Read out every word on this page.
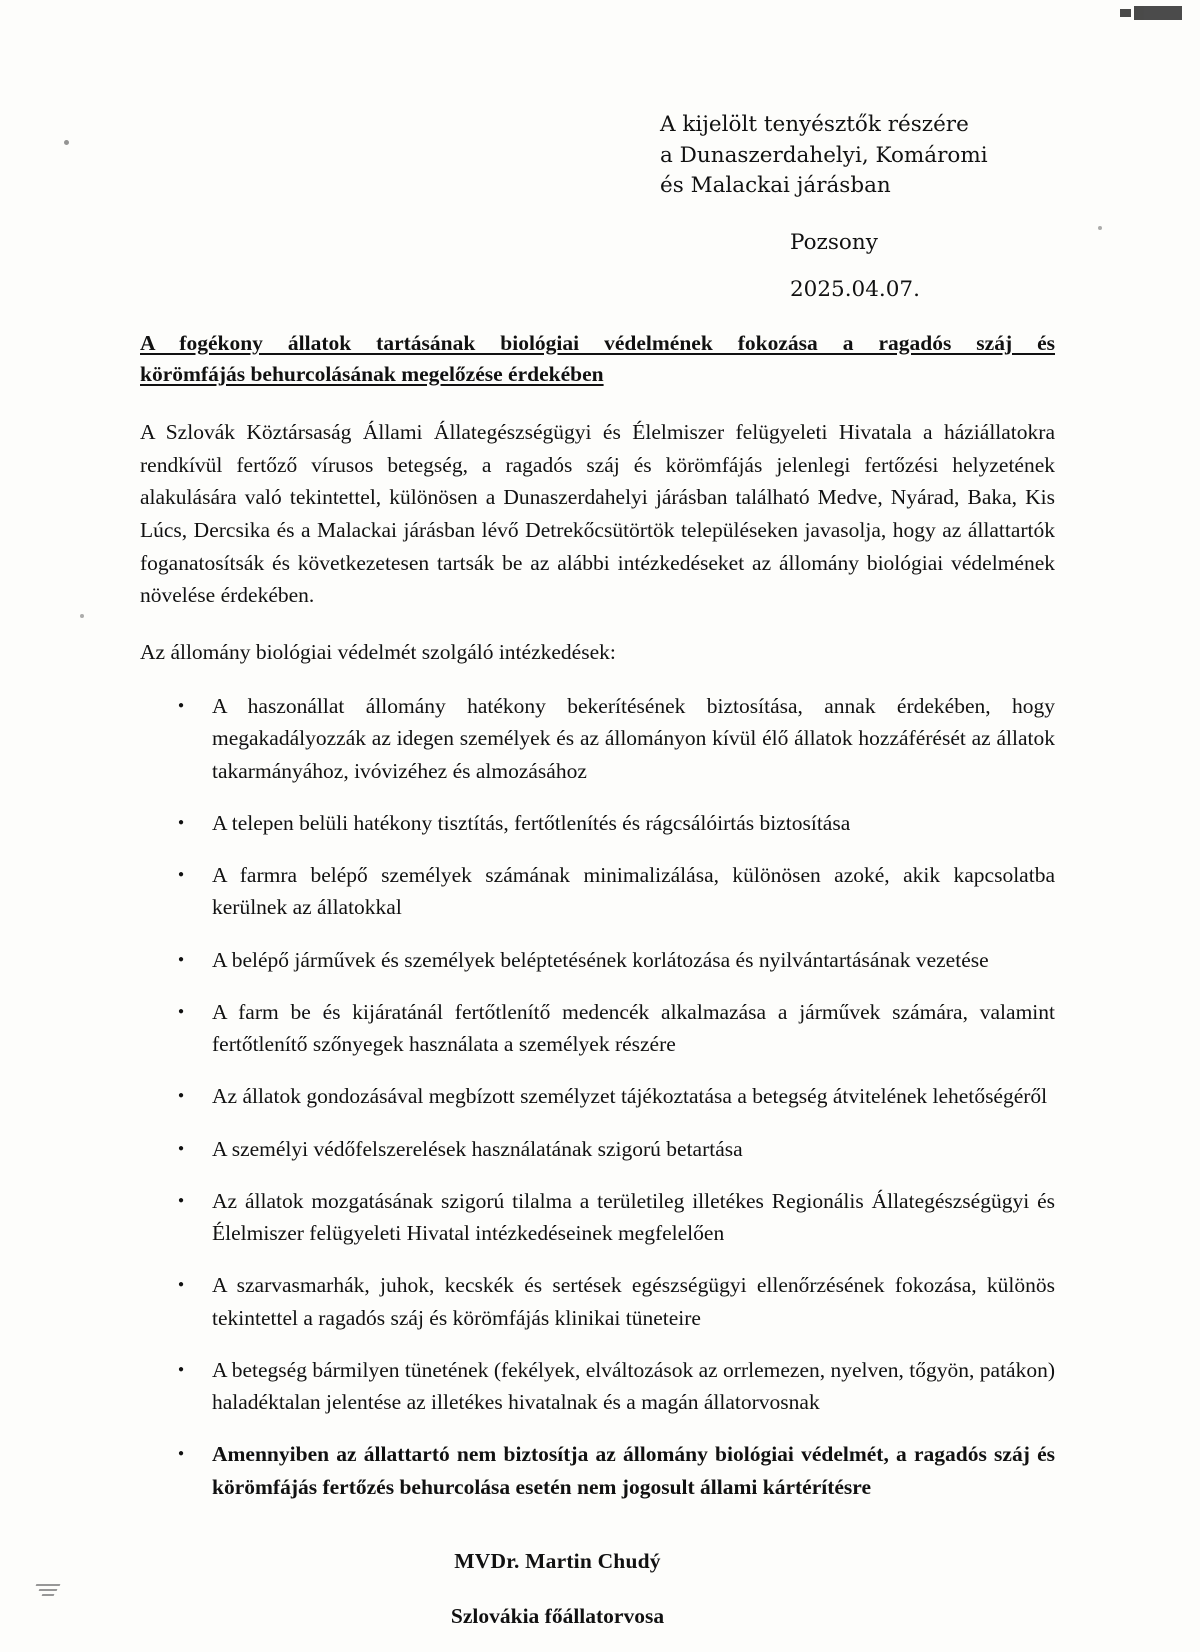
A kijelölt tenyésztők részére
a Dunaszerdahelyi, Komáromi
és Malackai járásban
Pozsony
2025.04.07.
A fogékony állatok tartásának biológiai védelmének fokozása a ragadós száj és
körömfájás behurcolásának megelőzése érdekében
A Szlovák Köztársaság Állami Állategészségügyi és Élelmiszer felügyeleti Hivatala a háziállatokra rendkívül fertőző vírusos betegség, a ragadós száj és körömfájás jelenlegi fertőzési helyzetének alakulására való tekintettel, különösen a Dunaszerdahelyi járásban található Medve, Nyárad, Baka, Kis Lúcs, Dercsika és a Malackai járásban lévő Detrekőcsütörtök településeken javasolja, hogy az állattartók foganatosítsák és következetesen tartsák be az alábbi intézkedéseket az állomány biológiai védelmének növelése érdekében.
Az állomány biológiai védelmét szolgáló intézkedések:
● A haszonállat állomány hatékony bekerítésének biztosítása, annak érdekében, hogy megakadályozzák az idegen személyek és az állományon kívül élő állatok hozzáférését az állatok takarmányához, ivóvizéhez és almozásához
● A telepen belüli hatékony tisztítás, fertőtlenítés és rágcsálóirtás biztosítása
● A farmra belépő személyek számának minimalizálása, különösen azoké, akik kapcsolatba kerülnek az állatokkal
● A belépő járművek és személyek beléptetésének korlátozása és nyilvántartásának vezetése
● A farm be és kijáratánál fertőtlenítő medencék alkalmazása a járművek számára, valamint fertőtlenítő szőnyegek használata a személyek részére
● Az állatok gondozásával megbízott személyzet tájékoztatása a betegség átvitelének lehetőségéről
● A személyi védőfelszerelések használatának szigorú betartása
● Az állatok mozgatásának szigorú tilalma a területileg illetékes Regionális Állategészségügyi és Élelmiszer felügyeleti Hivatal intézkedéseinek megfelelően
● A szarvasmarhák, juhok, kecskék és sertések egészségügyi ellenőrzésének fokozása, különös tekintettel a ragadós száj és körömfájás klinikai tüneteire
● A betegség bármilyen tünetének (fekélyek, elváltozások az orrlemezen, nyelven, tőgyön, patákon) haladéktalan jelentése az illetékes hivatalnak és a magán állatorvosnak
● Amennyiben az állattartó nem biztosítja az állomány biológiai védelmét, a ragadós száj és körömfájás fertőzés behurcolása esetén nem jogosult állami kártérítésre
MVDr. Martin Chudý
Szlovákia főállatorvosa
